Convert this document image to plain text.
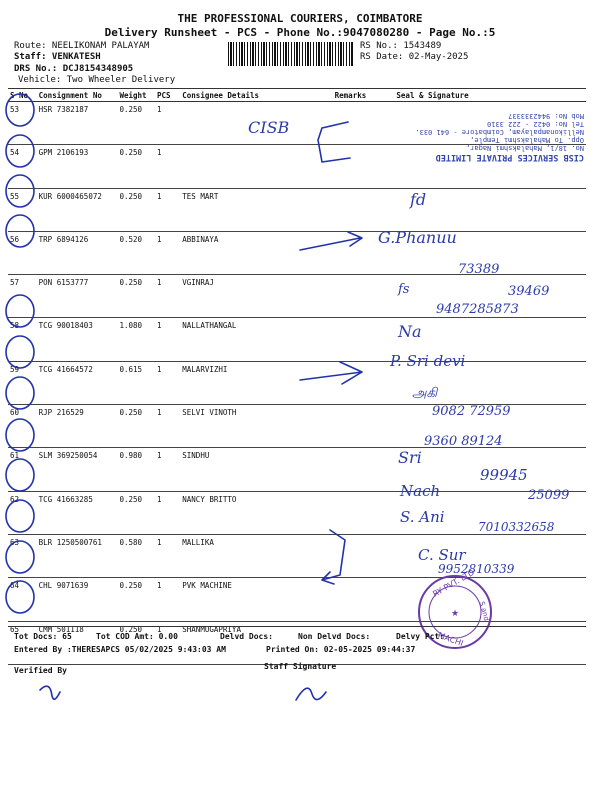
THE PROFESSIONAL COURIERS, COIMBATORE
Delivery Runsheet - PCS - Phone No.:9047080280 - Page No.:5
Route: NEELIKONAM PALAYAM
Staff: VENKATESH
DRS No.: DCJ8154348905
Vehicle: Two Wheeler Delivery
RS No.: 1543489
RS Date: 02-May-2025
S No	Consignment No	Weight	PCS	Consignee Details	Remarks	Seal & Signature
53	HSR 7382187	0.250	1			
54	GPM 2106193	0.250	1			
55	KUR 6000465072	0.250	1	TES MART		
56	TRP 6894126	0.520	1	ABBINAYA		
57	PON 6153777	0.250	1	VGINRAJ		
58	TCG 90018403	1.080	1	NALLATHANGAL		
59	TCG 41664572	0.615	1	MALARVIZHI		
60	RJP 216529	0.250	1	SELVI VINOTH		
61	SLM 369250054	0.980	1	SINDHU		
62	TCG 41663285	0.250	1	NANCY BRITTO		
63	BLR 1250500761	0.580	1	MALLIKA		
64	CHL 9071639	0.250	1	PVK MACHINE		
65	CMM 501118	0.250	1	SHANMUGAPRIYA		
CISB SERVICES PRIVATE LIMITED
No. 18/1, Mahalakshmi Nagar,
Opp. To Mahalakshmi Temple,
Nellikonampalayam, Coimbatore - 641 033.
Tel No: 0422 - 222 3310
Mob No: 9442333337
RY PVT. LTD
MACHI
S and
★
CISB
fd
G.Phanuu
73389
fs	39469
9487285873
Na
P. Sri devi
அகி
9082 72959
9360 89124
Sri
99945
Nach	25099
S. Ani
7010332658
C. Sur
9952810339
Tot Docs: 65	Tot COD Amt: 0.00	Delvd Docs:	Non Delvd Docs:	Delvy Pct:
Entered By :THERESAPCS 05/02/2025 9:43:03 AM	Printed On: 02-05-2025 09:44:37
Verified By	Staff Signature
